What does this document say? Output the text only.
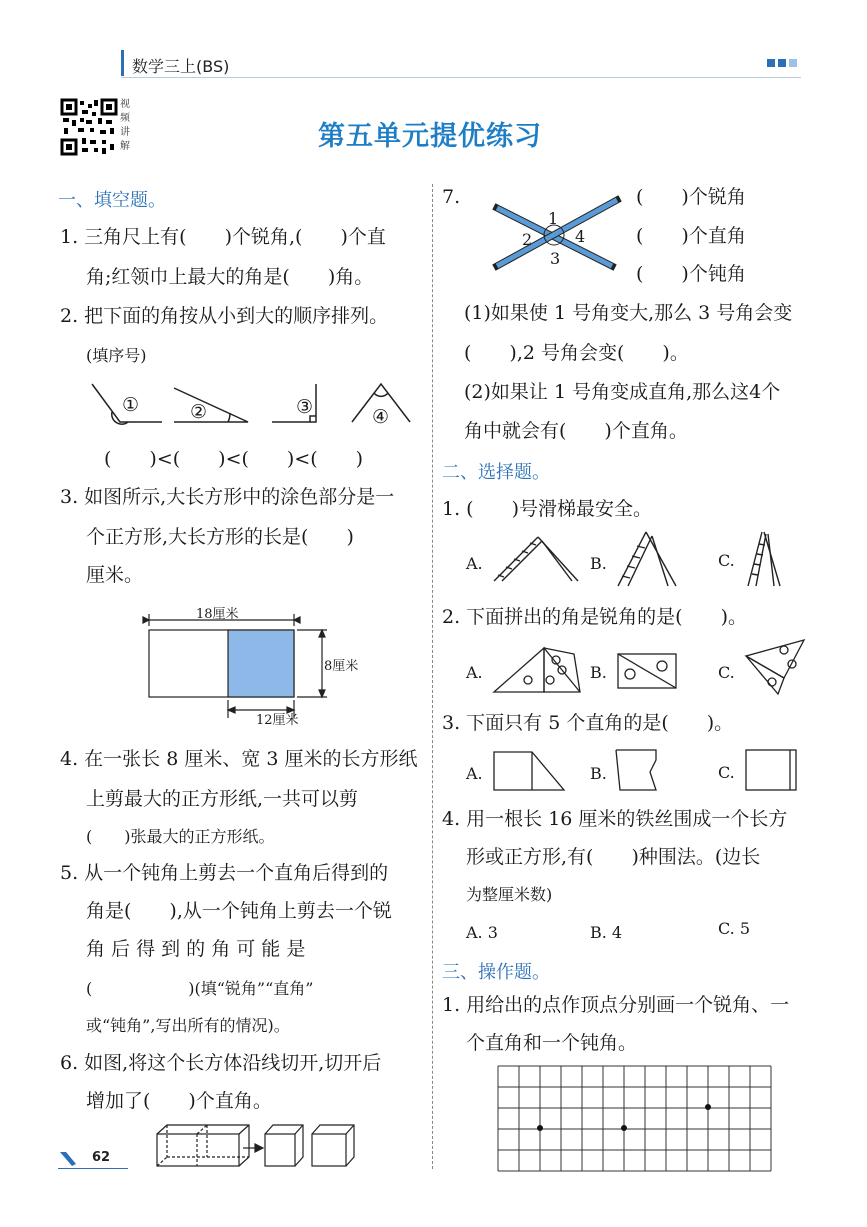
数学三上(BS)
视频讲解	第五单元提优练习
一、填空题。
1. 三角尺上有(　　)个锐角,(　　)个直
角;红领巾上最大的角是(　　)角。
2. 把下面的角按从小到大的顺序排列。
(填序号)
①	②	③	④
(　　)<(　　)<(　　)<(　　)
3. 如图所示,大长方形中的涂色部分是一
个正方形,大长方形的长是(　　)
厘米。
18厘米
8厘米
12厘米
4. 在一张长 8 厘米、宽 3 厘米的长方形纸
上剪最大的正方形纸,一共可以剪
(　　)张最大的正方形纸。
5. 从一个钝角上剪去一个直角后得到的
角是(　　),从一个钝角上剪去一个锐
角 后 得 到 的 角 可 能 是
(　　　　　　)(填“锐角”“直角”
或“钝角”,写出所有的情况)。
6. 如图,将这个长方体沿线切开,切开后
增加了(　　)个直角。
62
7.
1
2
3
4
(　　)个锐角
(　　)个直角
(　　)个钝角
(1)如果使 1 号角变大,那么 3 号角会变
(　　),2 号角会变(　　)。
(2)如果让 1 号角变成直角,那么这4个
角中就会有(　　)个直角。
二、选择题。
1. (　　)号滑梯最安全。
A.	B.	C.
2. 下面拼出的角是锐角的是(　　)。
A.	B.	C.
3. 下面只有 5 个直角的是(　　)。
A.	B.	C.
4. 用一根长 16 厘米的铁丝围成一个长方
形或正方形,有(　　)种围法。(边长
为整厘米数)
A. 3	B. 4	C. 5
三、操作题。
1. 用给出的点作顶点分别画一个锐角、一
个直角和一个钝角。
